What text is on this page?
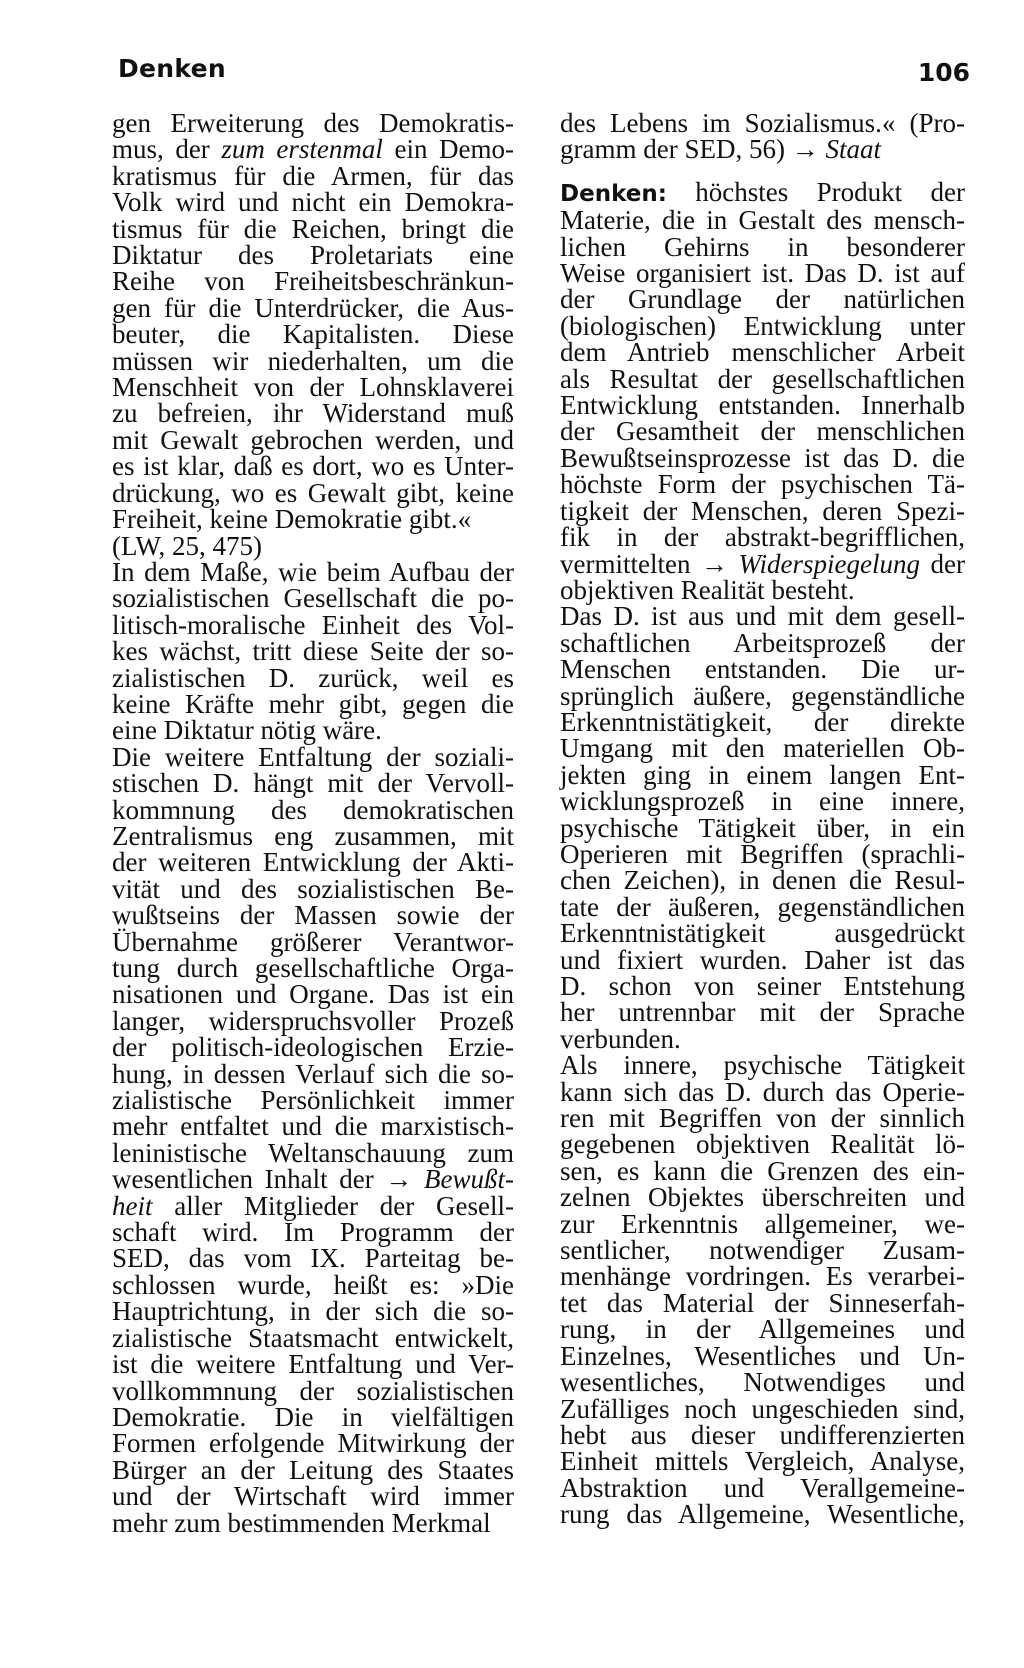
Denken	106
gen Erweiterung des Demokratis-
mus, der zum erstenmal ein Demo-
kratismus für die Armen, für das
Volk wird und nicht ein Demokra-
tismus für die Reichen, bringt die
Diktatur des Proletariats eine
Reihe von Freiheitsbeschränkun-
gen für die Unterdrücker, die Aus-
beuter, die Kapitalisten. Diese
müssen wir niederhalten, um die
Menschheit von der Lohnsklaverei
zu befreien, ihr Widerstand muß
mit Gewalt gebrochen werden, und
es ist klar, daß es dort, wo es Unter-
drückung, wo es Gewalt gibt, keine
Freiheit, keine Demokratie gibt.«
(LW, 25, 475)
In dem Maße, wie beim Aufbau der
sozialistischen Gesellschaft die po-
litisch-moralische Einheit des Vol-
kes wächst, tritt diese Seite der so-
zialistischen D. zurück, weil es
keine Kräfte mehr gibt, gegen die
eine Diktatur nötig wäre.
Die weitere Entfaltung der soziali-
stischen D. hängt mit der Vervoll-
kommnung des demokratischen
Zentralismus eng zusammen, mit
der weiteren Entwicklung der Akti-
vität und des sozialistischen Be-
wußtseins der Massen sowie der
Übernahme größerer Verantwor-
tung durch gesellschaftliche Orga-
nisationen und Organe. Das ist ein
langer, widerspruchsvoller Prozeß
der politisch-ideologischen Erzie-
hung, in dessen Verlauf sich die so-
zialistische Persönlichkeit immer
mehr entfaltet und die marxistisch-
leninistische Weltanschauung zum
wesentlichen Inhalt der → Bewußt-
heit aller Mitglieder der Gesell-
schaft wird. Im Programm der
SED, das vom IX. Parteitag be-
schlossen wurde, heißt es: »Die
Hauptrichtung, in der sich die so-
zialistische Staatsmacht entwickelt,
ist die weitere Entfaltung und Ver-
vollkommnung der sozialistischen
Demokratie. Die in vielfältigen
Formen erfolgende Mitwirkung der
Bürger an der Leitung des Staates
und der Wirtschaft wird immer
mehr zum bestimmenden Merkmal
des Lebens im Sozialismus.« (Pro-
gramm der SED, 56) → Staat
Denken: höchstes Produkt der
Materie, die in Gestalt des mensch-
lichen Gehirns in besonderer
Weise organisiert ist. Das D. ist auf
der Grundlage der natürlichen
(biologischen) Entwicklung unter
dem Antrieb menschlicher Arbeit
als Resultat der gesellschaftlichen
Entwicklung entstanden. Innerhalb
der Gesamtheit der menschlichen
Bewußtseinsprozesse ist das D. die
höchste Form der psychischen Tä-
tigkeit der Menschen, deren Spezi-
fik in der abstrakt-begrifflichen,
vermittelten → Widerspiegelung der
objektiven Realität besteht.
Das D. ist aus und mit dem gesell-
schaftlichen Arbeitsprozeß der
Menschen entstanden. Die ur-
sprünglich äußere, gegenständliche
Erkenntnistätigkeit, der direkte
Umgang mit den materiellen Ob-
jekten ging in einem langen Ent-
wicklungsprozeß in eine innere,
psychische Tätigkeit über, in ein
Operieren mit Begriffen (sprachli-
chen Zeichen), in denen die Resul-
tate der äußeren, gegenständlichen
Erkenntnistätigkeit ausgedrückt
und fixiert wurden. Daher ist das
D. schon von seiner Entstehung
her untrennbar mit der Sprache
verbunden.
Als innere, psychische Tätigkeit
kann sich das D. durch das Operie-
ren mit Begriffen von der sinnlich
gegebenen objektiven Realität lö-
sen, es kann die Grenzen des ein-
zelnen Objektes überschreiten und
zur Erkenntnis allgemeiner, we-
sentlicher, notwendiger Zusam-
menhänge vordringen. Es verarbei-
tet das Material der Sinneserfah-
rung, in der Allgemeines und
Einzelnes, Wesentliches und Un-
wesentliches, Notwendiges und
Zufälliges noch ungeschieden sind,
hebt aus dieser undifferenzierten
Einheit mittels Vergleich, Analyse,
Abstraktion und Verallgemeine-
rung das Allgemeine, Wesentliche,
